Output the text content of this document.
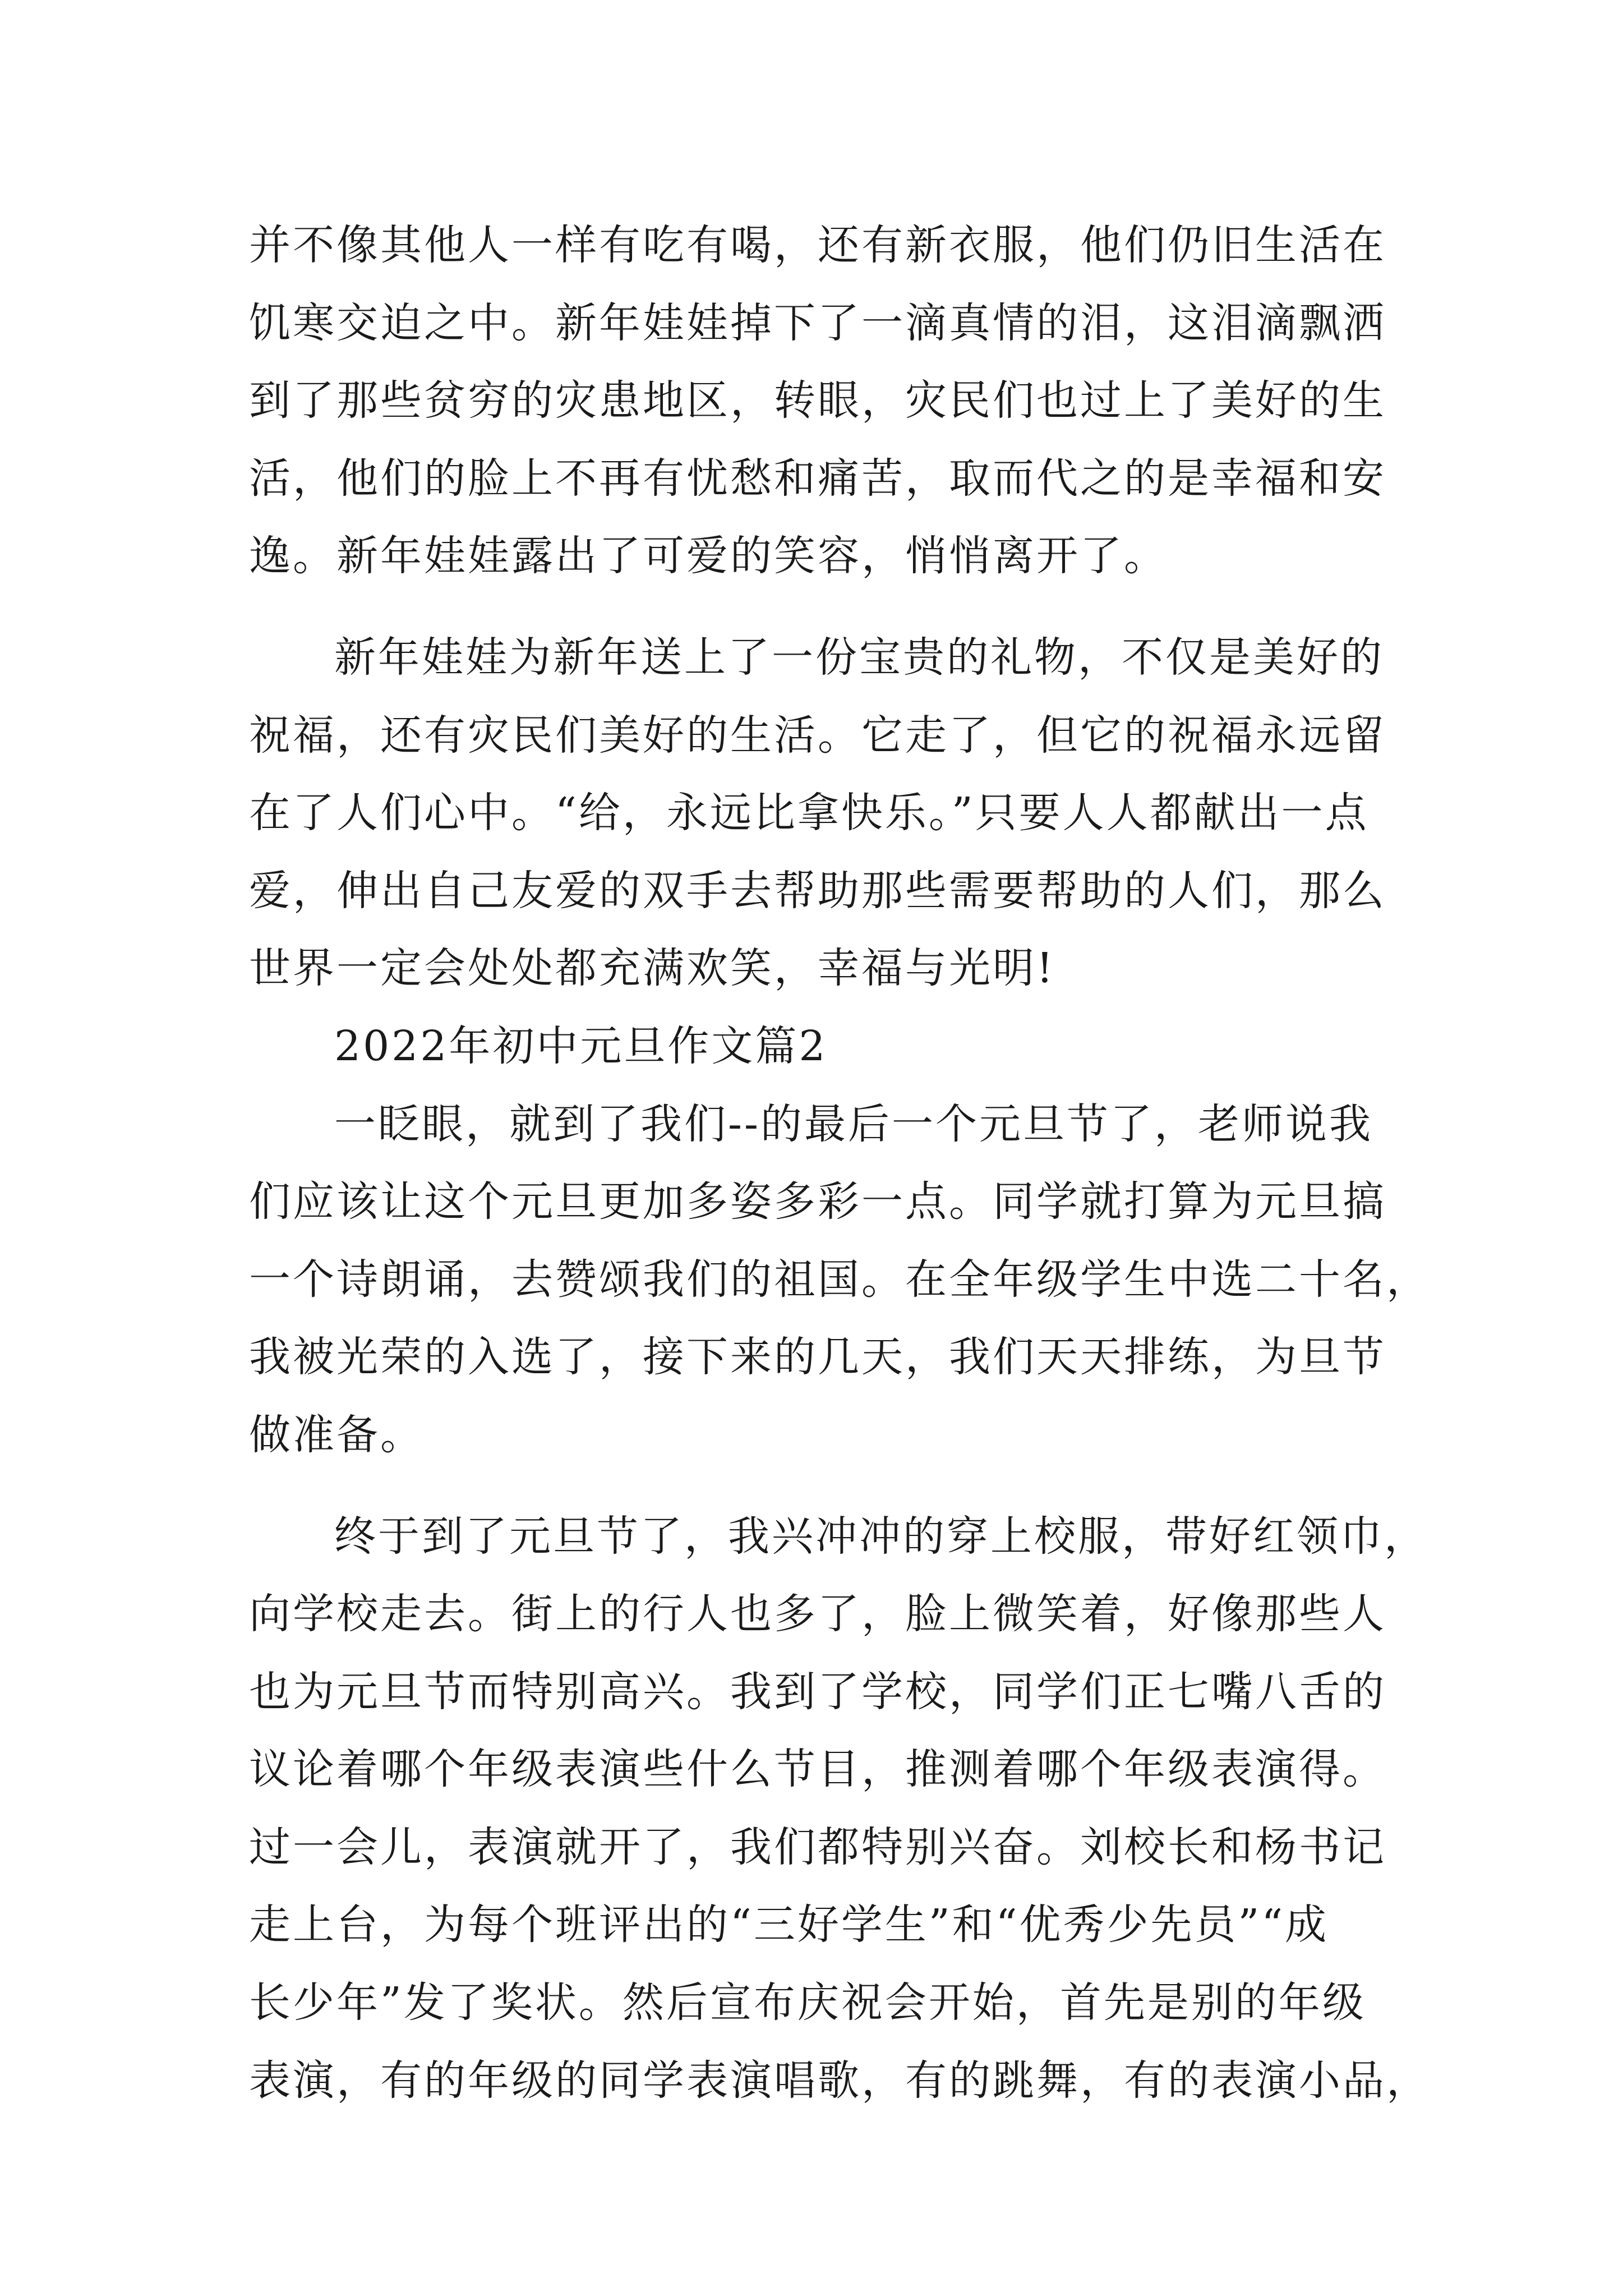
并不像其他人一样有吃有喝，还有新衣服，他们仍旧生活在
饥寒交迫之中。新年娃娃掉下了一滴真情的泪，这泪滴飘洒
到了那些贫穷的灾患地区，转眼，灾民们也过上了美好的生
活，他们的脸上不再有忧愁和痛苦，取而代之的是幸福和安
逸。新年娃娃露出了可爱的笑容，悄悄离开了。
新年娃娃为新年送上了一份宝贵的礼物，不仅是美好的
祝福，还有灾民们美好的生活。它走了，但它的祝福永远留
在了人们心中。“给，永远比拿快乐。”只要人人都献出一点
爱，伸出自己友爱的双手去帮助那些需要帮助的人们，那么
世界一定会处处都充满欢笑，幸福与光明!
2022年初中元旦作文篇2
一眨眼，就到了我们--的最后一个元旦节了，老师说我
们应该让这个元旦更加多姿多彩一点。同学就打算为元旦搞
一个诗朗诵，去赞颂我们的祖国。在全年级学生中选二十名，
我被光荣的入选了，接下来的几天，我们天天排练，为旦节
做准备。
终于到了元旦节了，我兴冲冲的穿上校服，带好红领巾，
向学校走去。街上的行人也多了，脸上微笑着，好像那些人
也为元旦节而特别高兴。我到了学校，同学们正七嘴八舌的
议论着哪个年级表演些什么节目，推测着哪个年级表演得。
过一会儿，表演就开了，我们都特别兴奋。刘校长和杨书记
走上台，为每个班评出的“三好学生”和“优秀少先员”“成
长少年”发了奖状。然后宣布庆祝会开始，首先是别的年级
表演，有的年级的同学表演唱歌，有的跳舞，有的表演小品，
